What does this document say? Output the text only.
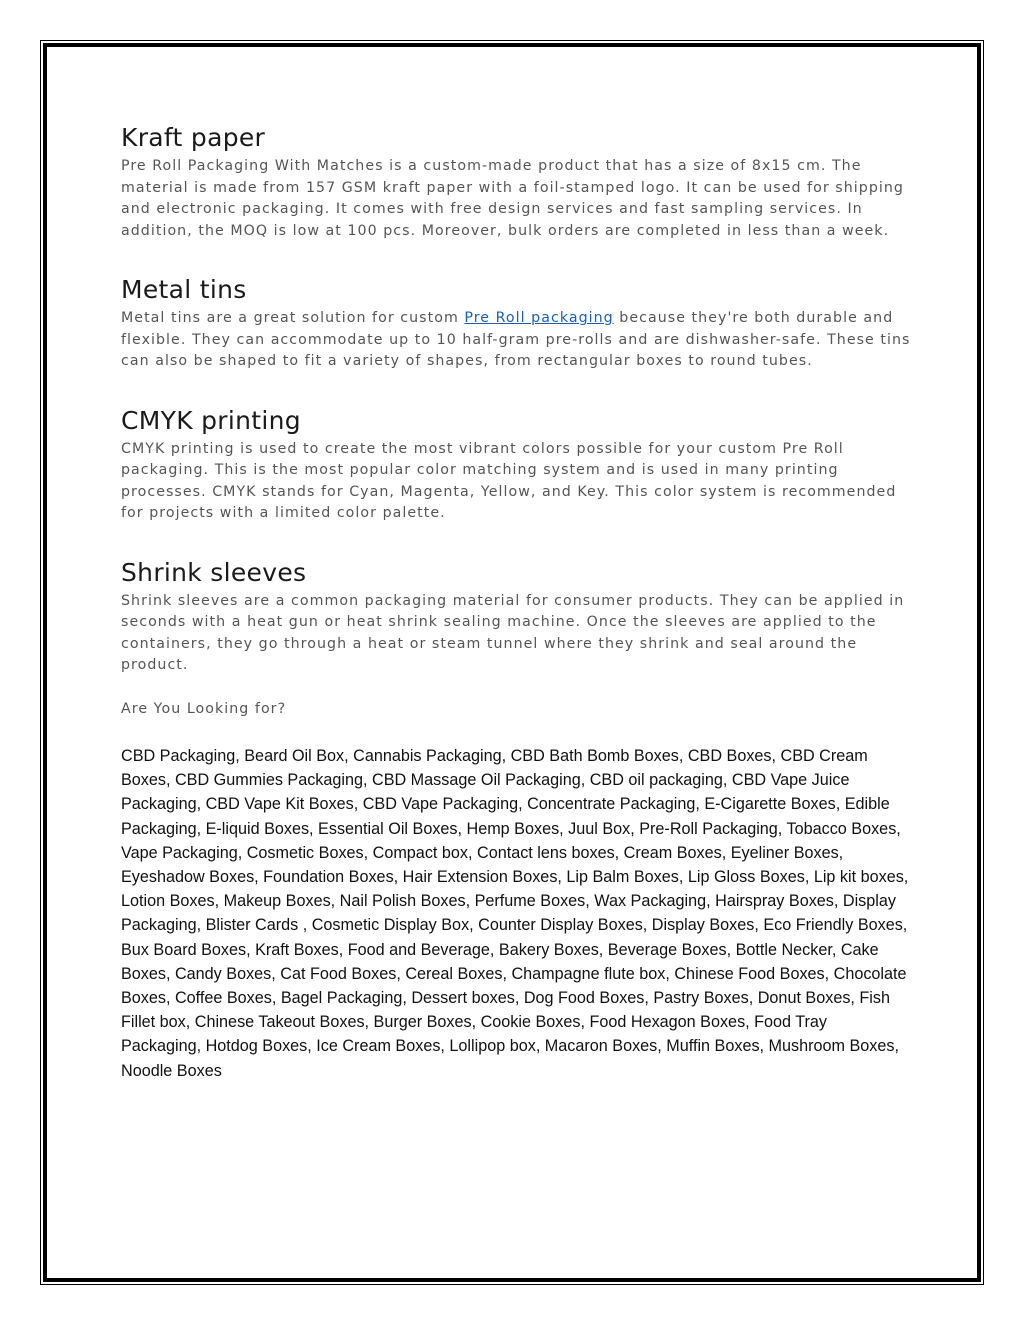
Kraft paper

Pre Roll Packaging With Matches is a custom-made product that has a size of 8x15 cm. The material is made from 157 GSM kraft paper with a foil-stamped logo. It can be used for shipping and electronic packaging. It comes with free design services and fast sampling services. In addition, the MOQ is low at 100 pcs. Moreover, bulk orders are completed in less than a week.

Metal tins

Metal tins are a great solution for custom Pre Roll packaging because they're both durable and flexible. They can accommodate up to 10 half-gram pre-rolls and are dishwasher-safe. These tins can also be shaped to fit a variety of shapes, from rectangular boxes to round tubes.

CMYK printing

CMYK printing is used to create the most vibrant colors possible for your custom Pre Roll packaging. This is the most popular color matching system and is used in many printing processes. CMYK stands for Cyan, Magenta, Yellow, and Key. This color system is recommended for projects with a limited color palette.

Shrink sleeves

Shrink sleeves are a common packaging material for consumer products. They can be applied in seconds with a heat gun or heat shrink sealing machine. Once the sleeves are applied to the containers, they go through a heat or steam tunnel where they shrink and seal around the product.

Are You Looking for?

CBD Packaging, Beard Oil Box, Cannabis Packaging, CBD Bath Bomb Boxes, CBD Boxes, CBD Cream Boxes, CBD Gummies Packaging, CBD Massage Oil Packaging, CBD oil packaging, CBD Vape Juice Packaging, CBD Vape Kit Boxes, CBD Vape Packaging, Concentrate Packaging, E-Cigarette Boxes, Edible Packaging, E-liquid Boxes, Essential Oil Boxes, Hemp Boxes, Juul Box, Pre-Roll Packaging, Tobacco Boxes, Vape Packaging, Cosmetic Boxes, Compact box, Contact lens boxes, Cream Boxes, Eyeliner Boxes, Eyeshadow Boxes, Foundation Boxes, Hair Extension Boxes, Lip Balm Boxes, Lip Gloss Boxes, Lip kit boxes, Lotion Boxes, Makeup Boxes, Nail Polish Boxes, Perfume Boxes, Wax Packaging, Hairspray Boxes, Display Packaging, Blister Cards , Cosmetic Display Box, Counter Display Boxes, Display Boxes, Eco Friendly Boxes, Bux Board Boxes, Kraft Boxes, Food and Beverage, Bakery Boxes, Beverage Boxes, Bottle Necker, Cake Boxes, Candy Boxes, Cat Food Boxes, Cereal Boxes, Champagne flute box, Chinese Food Boxes, Chocolate Boxes, Coffee Boxes, Bagel Packaging, Dessert boxes, Dog Food Boxes, Pastry Boxes, Donut Boxes, Fish Fillet box, Chinese Takeout Boxes, Burger Boxes, Cookie Boxes, Food Hexagon Boxes, Food Tray Packaging, Hotdog Boxes, Ice Cream Boxes, Lollipop box, Macaron Boxes, Muffin Boxes, Mushroom Boxes, Noodle Boxes
